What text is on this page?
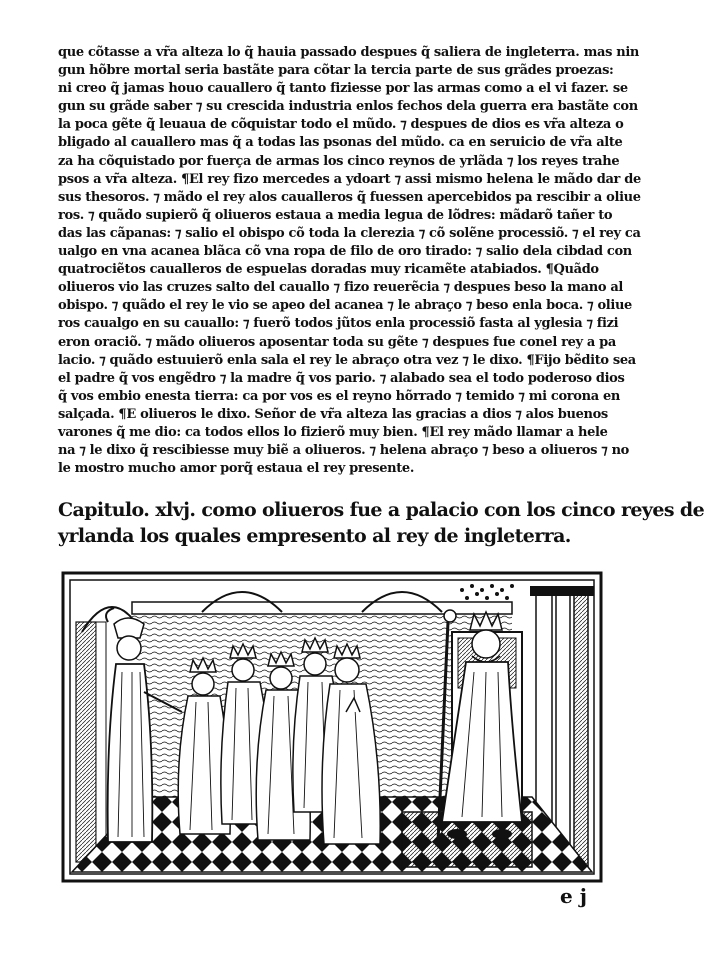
que cõtasse a vr̃a alteza lo q̃ hauia passado despues q̃ saliera de ingleterra. mas nin
gun hõbre mortal seria bastãte para cõtar la tercia parte de sus grãdes proezas:
ni creo q̃ jamas houo cauallero q̃ tanto fiziesse por las armas como a el vi fazer. se
gun su grãde saber ⁊ su crescida industria enlos fechos dela guerra era bastãte con
la poca gẽte q̃ leuaua de cõquistar todo el mũdo. ⁊ despues de dios es vr̃a alteza o
bligado al cauallero mas q̃ a todas las psonas del mũdo. ca en seruicio de vr̃a alte
za ha cõquistado por fuerça de armas los cinco reynos de yrlãda ⁊ los reyes trahe
psos a vr̃a alteza. ¶El rey fizo mercedes a ydoart ⁊ assi mismo helena le mãdo dar de
sus thesoros. ⁊ mãdo el rey alos caualleros q̃ fuessen apercebidos pa rescibir a oliue
ros. ⁊ quãdo supierõ q̃ oliueros estaua a media legua de lõdres: mãdarõ tañer to
das las cãpanas: ⁊ salio el obispo cõ toda la clerezia ⁊ cõ solẽne processiõ. ⁊ el rey ca
ualgo en vna acanea blãca cõ vna ropa de filo de oro tirado: ⁊ salio dela cibdad con
quatrociẽtos caualleros de espuelas doradas muy ricamẽte atabiados. ¶Quãdo
oliueros vio las cruzes salto del cauallo ⁊ fizo reuerẽcia ⁊ despues beso la mano al
obispo. ⁊ quãdo el rey le vio se apeo del acanea ⁊ le abraço ⁊ beso enla boca. ⁊ oliue
ros caualgo en su cauallo: ⁊ fuerõ todos jũtos enla processiõ fasta al yglesia ⁊ fizi
eron oraciõ. ⁊ mãdo oliueros aposentar toda su gẽte ⁊ despues fue conel rey a pa
lacio. ⁊ quãdo estuuierõ enla sala el rey le abraço otra vez ⁊ le dixo. ¶Fijo bẽdito sea
el padre q̃ vos engẽdro ⁊ la madre q̃ vos pario. ⁊ alabado sea el todo poderoso dios
q̃ vos embio enesta tierra: ca por vos es el reyno hõrrado ⁊ temido ⁊ mi corona en
salçada. ¶E oliueros le dixo. Señor de vr̃a alteza las gracias a dios ⁊ alos buenos
varones q̃ me dio: ca todos ellos lo fizierõ muy bien. ¶El rey mãdo llamar a hele
na ⁊ le dixo q̃ rescibiesse muy biẽ a oliueros. ⁊ helena abraço ⁊ beso a oliueros ⁊ no
le mostro mucho amor porq̃ estaua el rey presente.
Capitulo. xlvj. como oliueros fue a palacio con los cinco reyes de
yrlanda los quales empresento al rey de ingleterra.
e j
